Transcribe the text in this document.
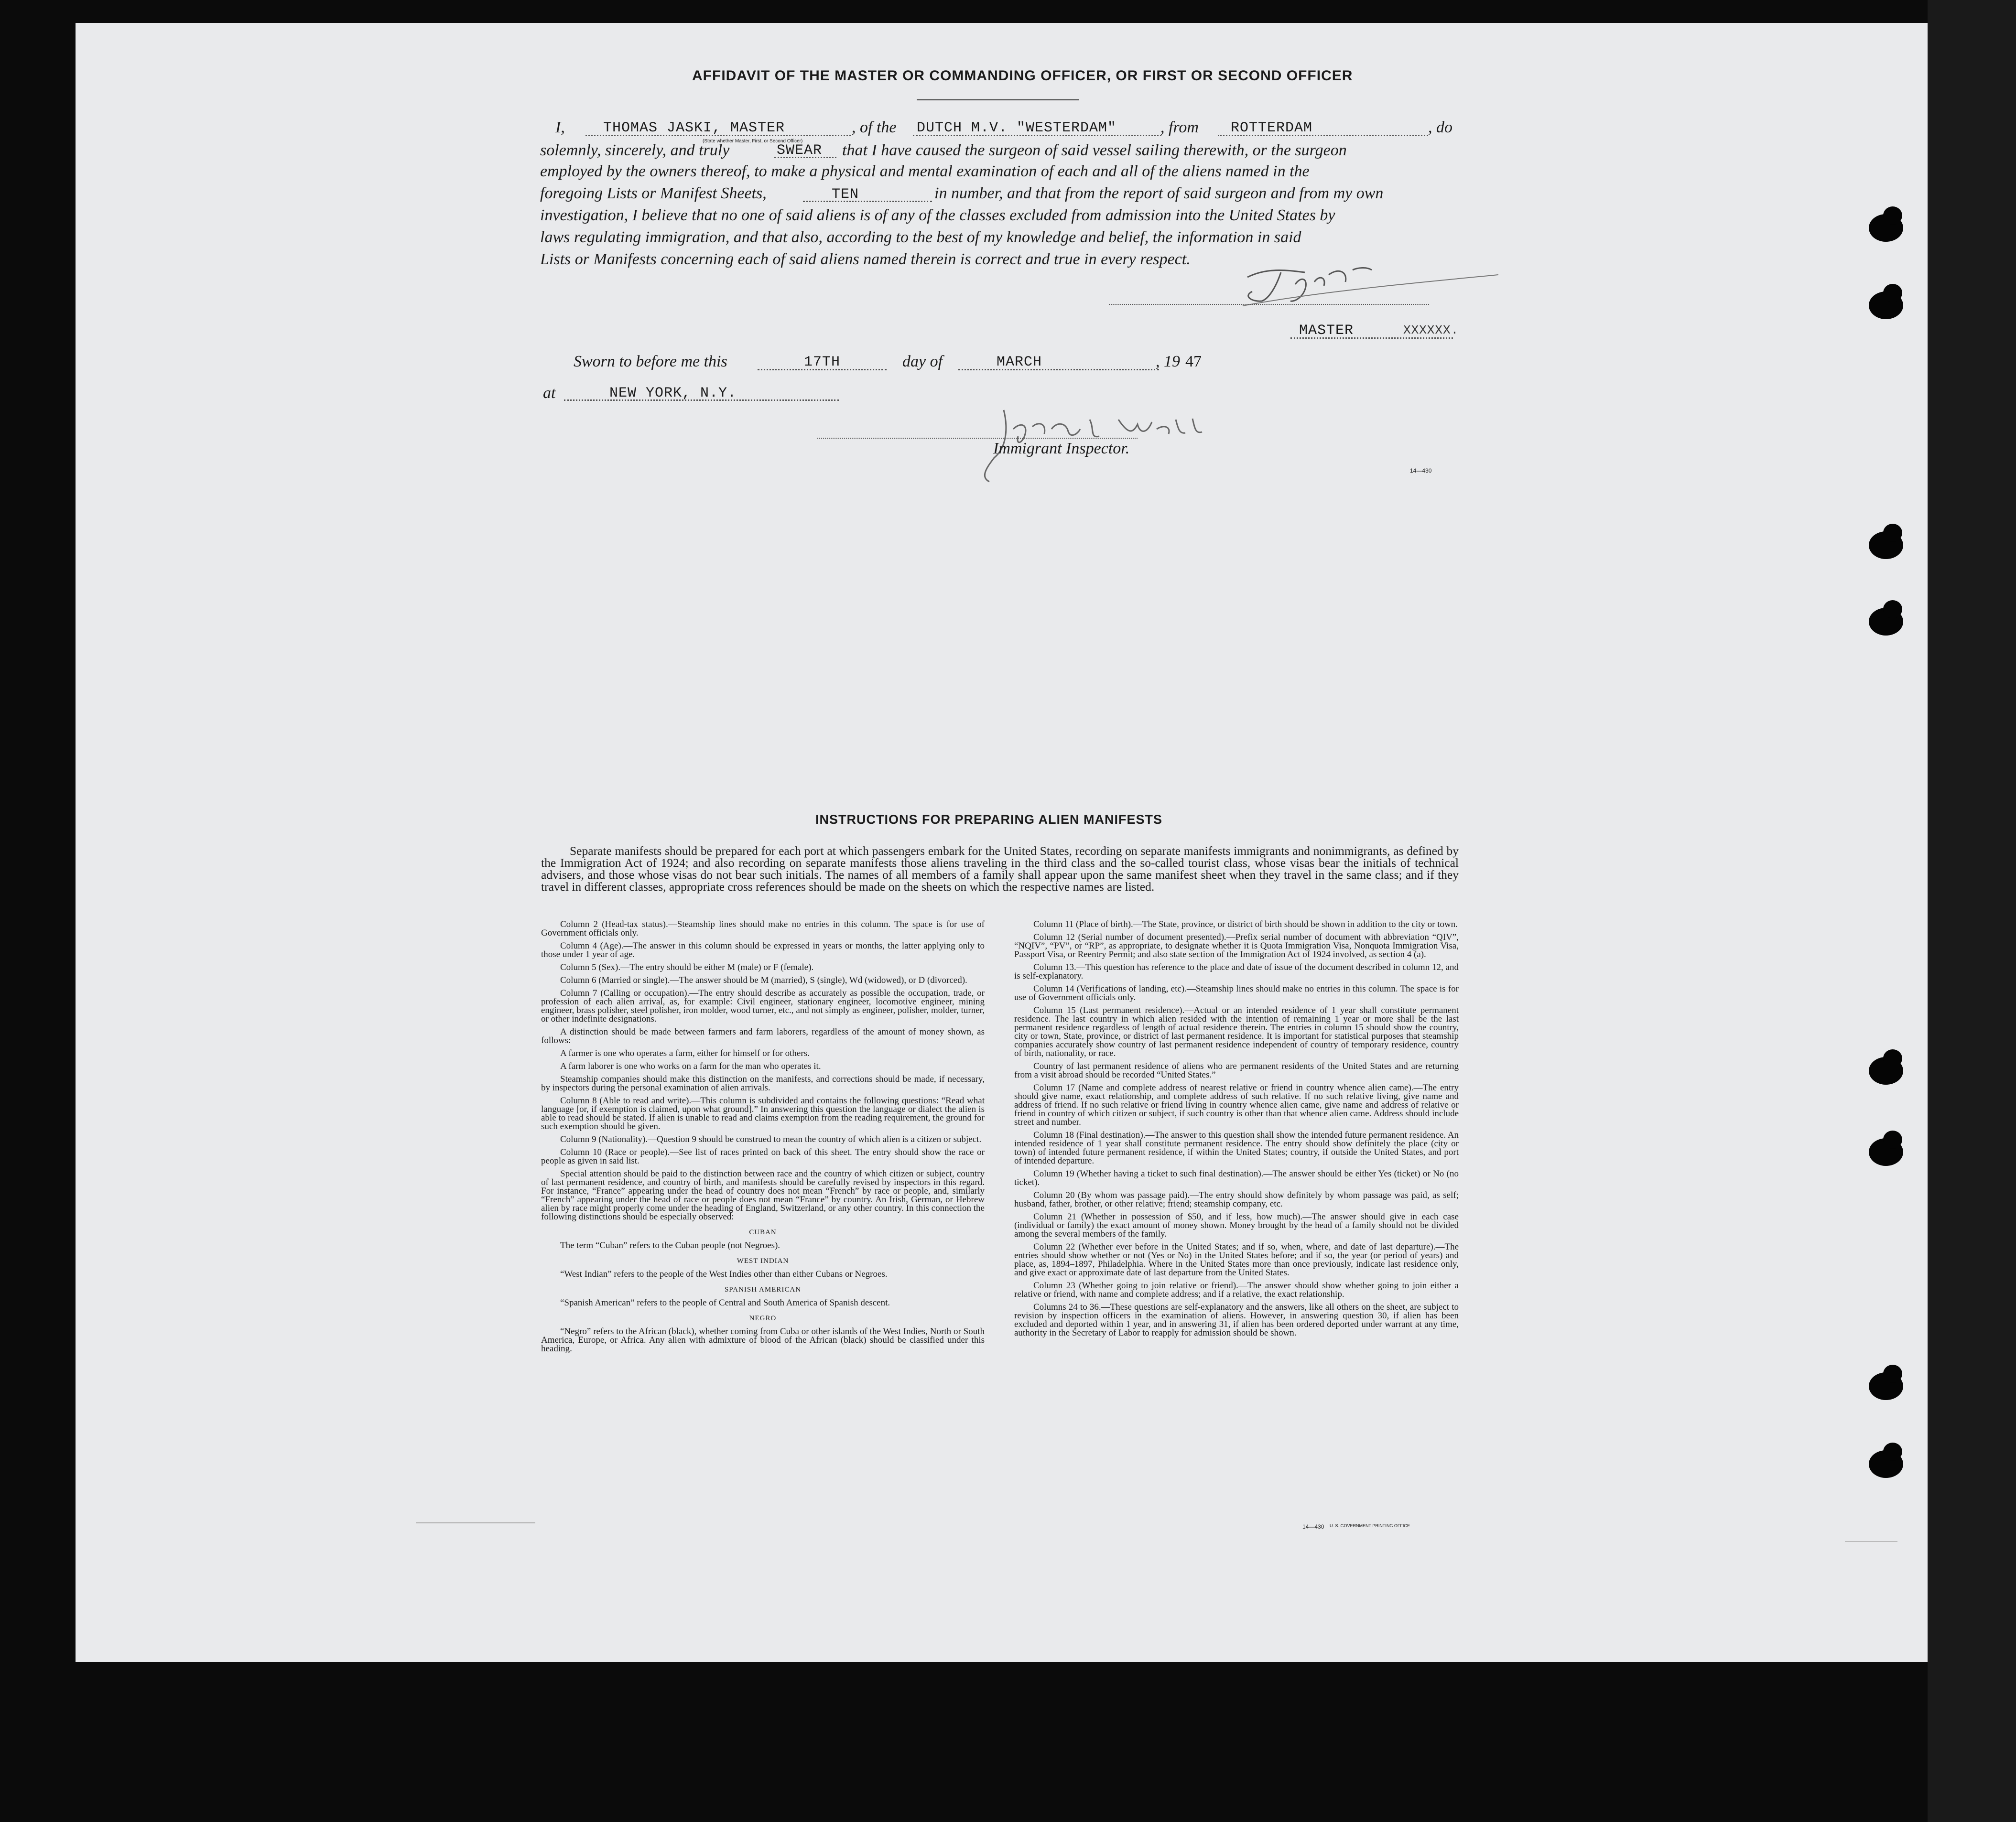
AFFIDAVIT OF THE MASTER OR COMMANDING OFFICER, OR FIRST OR SECOND OFFICER
I,	THOMAS JASKI, MASTER
(State whether Master, First, or Second Officer)
, of the DUTCH M.V. "WESTERDAM"	, from ROTTERDAM	, do
solemnly, sincerely, and truly	SWEAR that I have caused the surgeon of said vessel sailing therewith, or the surgeon
employed by the owners thereof, to make a physical and mental examination of each and all of the aliens named in the
foregoing Lists or Manifest Sheets,	TEN	in number, and that from the report of said surgeon and from my own
investigation, I believe that no one of said aliens is of any of the classes excluded from admission into the United States by
laws regulating immigration, and that also, according to the best of my knowledge and belief, the information in said
Lists or Manifests concerning each of said aliens named therein is correct and true in every respect.
MASTER	XXXXXX.
Sworn to before me this	17TH	day of	MARCH	, 19 47
at	NEW YORK, N.Y.
Immigrant Inspector.
14—430
INSTRUCTIONS FOR PREPARING ALIEN MANIFESTS
Separate manifests should be prepared for each port at which passengers embark for the United States, recording on separate manifests immigrants and nonimmigrants, as defined by the Immigration Act of 1924; and also recording on separate manifests those aliens traveling in the third class and the so-called tourist class, whose visas bear the initials of technical advisers, and those whose visas do not bear such initials. The names of all members of a family shall appear upon the same manifest sheet when they travel in the same class; and if they travel in different classes, appropriate cross references should be made on the sheets on which the respective names are listed.

Column 2 (Head-tax status).—Steamship lines should make no entries in this column. The space is for use of Government officials only.

Column 4 (Age).—The answer in this column should be expressed in years or months, the latter applying only to those under 1 year of age.

Column 5 (Sex).—The entry should be either M (male) or F (female).

Column 6 (Married or single).—The answer should be M (married), S (single), Wd (widowed), or D (divorced).

Column 7 (Calling or occupation).—The entry should describe as accurately as possible the occupation, trade, or profession of each alien arrival, as, for example: Civil engineer, stationary engineer, locomotive engineer, mining engineer, brass polisher, steel polisher, iron molder, wood turner, etc., and not simply as engineer, polisher, molder, turner, or other indefinite designations.

A distinction should be made between farmers and farm laborers, regardless of the amount of money shown, as follows:

A farmer is one who operates a farm, either for himself or for others.

A farm laborer is one who works on a farm for the man who operates it.

Steamship companies should make this distinction on the manifests, and corrections should be made, if necessary, by inspectors during the personal examination of alien arrivals.

Column 8 (Able to read and write).—This column is subdivided and contains the following questions: “Read what language [or, if exemption is claimed, upon what ground].” In answering this question the language or dialect the alien is able to read should be stated. If alien is unable to read and claims exemption from the reading requirement, the ground for such exemption should be given.

Column 9 (Nationality).—Question 9 should be construed to mean the country of which alien is a citizen or subject.

Column 10 (Race or people).—See list of races printed on back of this sheet. The entry should show the race or people as given in said list.

Special attention should be paid to the distinction between race and the country of which citizen or subject, country of last permanent residence, and country of birth, and manifests should be carefully revised by inspectors in this regard. For instance, “France” appearing under the head of country does not mean “French” by race or people, and, similarly “French” appearing under the head of race or people does not mean “France” by country. An Irish, German, or Hebrew alien by race might properly come under the heading of England, Switzerland, or any other country. In this connection the following distinctions should be especially observed:

CUBAN

The term “Cuban” refers to the Cuban people (not Negroes).

WEST INDIAN

“West Indian” refers to the people of the West Indies other than either Cubans or Negroes.

SPANISH AMERICAN

“Spanish American” refers to the people of Central and South America of Spanish descent.

NEGRO

“Negro” refers to the African (black), whether coming from Cuba or other islands of the West Indies, North or South America, Europe, or Africa. Any alien with admixture of blood of the African (black) should be classified under this heading.

Column 11 (Place of birth).—The State, province, or district of birth should be shown in addition to the city or town.

Column 12 (Serial number of document presented).—Prefix serial number of document with abbreviation “QIV”, “NQIV”, “PV”, or “RP”, as appropriate, to designate whether it is Quota Immigration Visa, Nonquota Immigration Visa, Passport Visa, or Reentry Permit; and also state section of the Immigration Act of 1924 involved, as section 4 (a).

Column 13.—This question has reference to the place and date of issue of the document described in column 12, and is self-explanatory.

Column 14 (Verifications of landing, etc).—Steamship lines should make no entries in this column. The space is for use of Government officials only.

Column 15 (Last permanent residence).—Actual or an intended residence of 1 year shall constitute permanent residence. The last country in which alien resided with the intention of remaining 1 year or more shall be the last permanent residence regardless of length of actual residence therein. The entries in column 15 should show the country, city or town, State, province, or district of last permanent residence. It is important for statistical purposes that steamship companies accurately show country of last permanent residence independent of country of temporary residence, country of birth, nationality, or race.

Country of last permanent residence of aliens who are permanent residents of the United States and are returning from a visit abroad should be recorded “United States.”

Column 17 (Name and complete address of nearest relative or friend in country whence alien came).—The entry should give name, exact relationship, and complete address of such relative. If no such relative living, give name and address of friend. If no such relative or friend living in country whence alien came, give name and address of relative or friend in country of which citizen or subject, if such country is other than that whence alien came. Address should include street and number.

Column 18 (Final destination).—The answer to this question shall show the intended future permanent residence. An intended residence of 1 year shall constitute permanent residence. The entry should show definitely the place (city or town) of intended future permanent residence, if within the United States; country, if outside the United States, and port of intended departure.

Column 19 (Whether having a ticket to such final destination).—The answer should be either Yes (ticket) or No (no ticket).

Column 20 (By whom was passage paid).—The entry should show definitely by whom passage was paid, as self; husband, father, brother, or other relative; friend; steamship company, etc.

Column 21 (Whether in possession of $50, and if less, how much).—The answer should give in each case (individual or family) the exact amount of money shown. Money brought by the head of a family should not be divided among the several members of the family.

Column 22 (Whether ever before in the United States; and if so, when, where, and date of last departure).—The entries should show whether or not (Yes or No) in the United States before; and if so, the year (or period of years) and place, as, 1894–1897, Philadelphia. Where in the United States more than once previously, indicate last residence only, and give exact or approximate date of last departure from the United States.

Column 23 (Whether going to join relative or friend).—The answer should show whether going to join either a relative or friend, with name and complete address; and if a relative, the exact relationship.

Columns 24 to 36.—These questions are self-explanatory and the answers, like all others on the sheet, are subject to revision by inspection officers in the examination of aliens. However, in answering question 30, if alien has been excluded and deported within 1 year, and in answering 31, if alien has been ordered deported under warrant at any time, authority in the Secretary of Labor to reapply for admission should be shown.

14—430 U. S. GOVERNMENT PRINTING OFFICE
